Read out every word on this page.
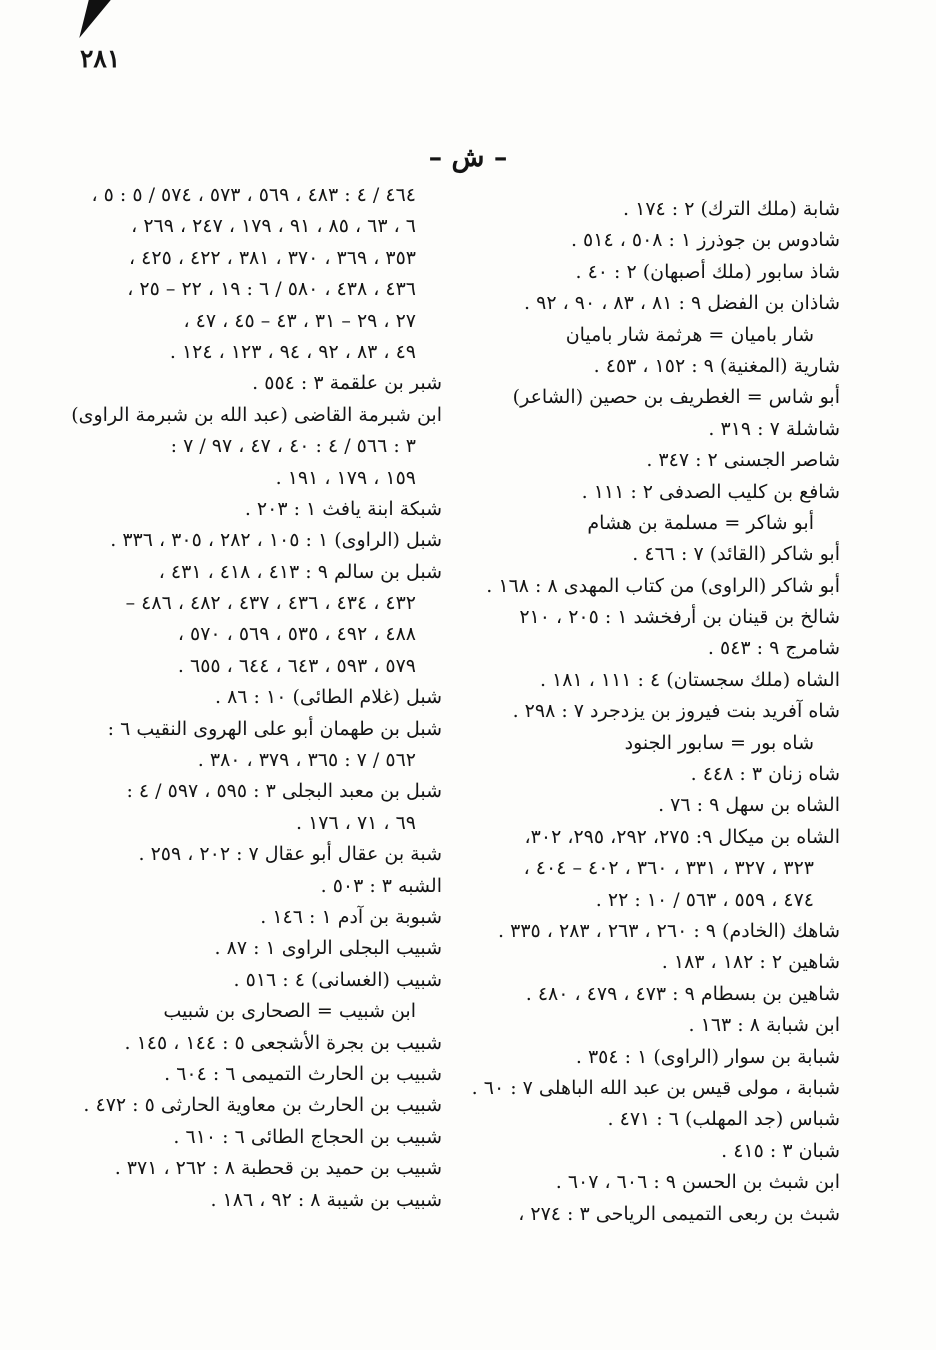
٢٨١
– ش –
شابة (ملك الترك) ٢ : ١٧٤ .
شادوس بن جوذرز ١ : ٥٠٨ ، ٥١٤ .
شاذ سابور (ملك أصبهان) ٢ : ٤٠ .
شاذان بن الفضل ٩ : ٨١ ، ٨٣ ، ٩٠ ، ٩٢ .
شار باميان = هرثمة شار باميان
شارية (المغنية) ٩ : ١٥٢ ، ٤٥٣ .
أبو شاس = الغطريف بن حصين (الشاعر)
شاشلة ٧ : ٣١٩ .
شاصر الجسنى ٢ : ٣٤٧ .
شافع بن كليب الصدفى ٢ : ١١١ .
أبو شاكر = مسلمة بن هشام
أبو شاكر (القائد) ٧ : ٤٦٦ .
أبو شاكر (الراوى) من كتاب المهدى ٨ : ١٦٨ .
شالخ بن قينان بن أرفخشد ١ : ٢٠٥ ، ٢١٠
شامرج ٩ : ٥٤٣ .
الشاه (ملك سجستان) ٤ : ١١١ ، ١٨١ .
شاه آفريد بنت فيروز بن يزدجرد ٧ : ٢٩٨ .
شاه بور = سابور الجنود
شاه زنان ٣ : ٤٤٨ .
الشاه بن سهل ٩ : ٧٦ .
الشاه بن ميكال ٩: ٢٧٥، ٢٩٢، ٢٩٥، ٣٠٢،
٣٢٣ ، ٣٢٧ ، ٣٣١ ، ٣٦٠ ، ٤٠٢ – ٤٠٤ ،
٤٧٤ ، ٥٥٩ ، ٥٦٣ / ١٠ : ٢٢ .
شاهك (الخادم) ٩ : ٢٦٠ ، ٢٦٣ ، ٢٨٣ ، ٣٣٥ .
شاهين ٢ : ١٨٢ ، ١٨٣ .
شاهين بن بسطام ٩ : ٤٧٣ ، ٤٧٩ ، ٤٨٠ .
ابن شبابة ٨ : ١٦٣ .
شبابة بن سوار (الراوى) ١ : ٣٥٤ .
شبابة ، مولى قيس بن عبد الله الباهلى ٧ : ٦٠ .
شباس (جد المهلب) ٦ : ٤٧١ .
شبان ٣ : ٤١٥ .
ابن شبث بن الحسن ٩ : ٦٠٦ ، ٦٠٧ .
شبث بن ربعى التميمى الرياحى ٣ : ٢٧٤ ،
٤٦٤ / ٤ : ٤٨٣ ، ٥٦٩ ، ٥٧٣ ، ٥٧٤ / ٥ : ٥ ،
٦ ، ٦٣ ، ٨٥ ، ٩١ ، ١٧٩ ، ٢٤٧ ، ٢٦٩ ،
٣٥٣ ، ٣٦٩ ، ٣٧٠ ، ٣٨١ ، ٤٢٢ ، ٤٢٥ ،
٤٣٦ ، ٤٣٨ ، ٥٨٠ / ٦ : ١٩ ، ٢٢ – ٢٥ ،
٢٧ ، ٢٩ – ٣١ ، ٤٣ – ٤٥ ، ٤٧ ،
٤٩ ، ٨٣ ، ٩٢ ، ٩٤ ، ١٢٣ ، ١٢٤ .
شبر بن علقمة ٣ : ٥٥٤ .
ابن شبرمة القاضى (عبد الله بن شبرمة الراوى)
٣ : ٥٦٦ / ٤ : ٤٠ ، ٤٧ ، ٩٧ / ٧ :
١٥٩ ، ١٧٩ ، ١٩١ .
شبكة ابنة يافث ١ : ٢٠٣ .
شبل (الراوى) ١ : ١٠٥ ، ٢٨٢ ، ٣٠٥ ، ٣٣٦ .
شبل بن سالم ٩ : ٤١٣ ، ٤١٨ ، ٤٣١ ،
٤٣٢ ، ٤٣٤ ، ٤٣٦ ، ٤٣٧ ، ٤٨٢ ، ٤٨٦ –
٤٨٨ ، ٤٩٢ ، ٥٣٥ ، ٥٦٩ ، ٥٧٠ ،
٥٧٩ ، ٥٩٣ ، ٦٤٣ ، ٦٤٤ ، ٦٥٥ .
شبل (غلام الطائى) ١٠ : ٨٦ .
شبل بن طهمان أبو على الهروى النقيب ٦ :
٥٦٢ / ٧ : ٣٦٥ ، ٣٧٩ ، ٣٨٠ .
شبل بن معبد البجلى ٣ : ٥٩٥ ، ٥٩٧ / ٤ :
٦٩ ، ٧١ ، ١٧٦ .
شبة بن عقال أبو عقال ٧ : ٢٠٢ ، ٢٥٩ .
الشبه ٣ : ٥٠٣ .
شبوبة بن آدم ١ : ١٤٦ .
شبيب البجلى الراوى ١ : ٨٧ .
شبيب (الغسانى) ٤ : ٥١٦ .
ابن شبيب = الصحارى بن شبيب
شبيب بن بجرة الأشجعى ٥ : ١٤٤ ، ١٤٥ .
شبيب بن الحارث التميمى ٦ : ٦٠٤ .
شبيب بن الحارث بن معاوية الحارثى ٥ : ٤٧٢ .
شبيب بن الحجاج الطائى ٦ : ٦١٠ .
شبيب بن حميد بن قحطبة ٨ : ٢٦٢ ، ٣٧١ .
شبيب بن شيبة ٨ : ٩٢ ، ١٨٦ .
